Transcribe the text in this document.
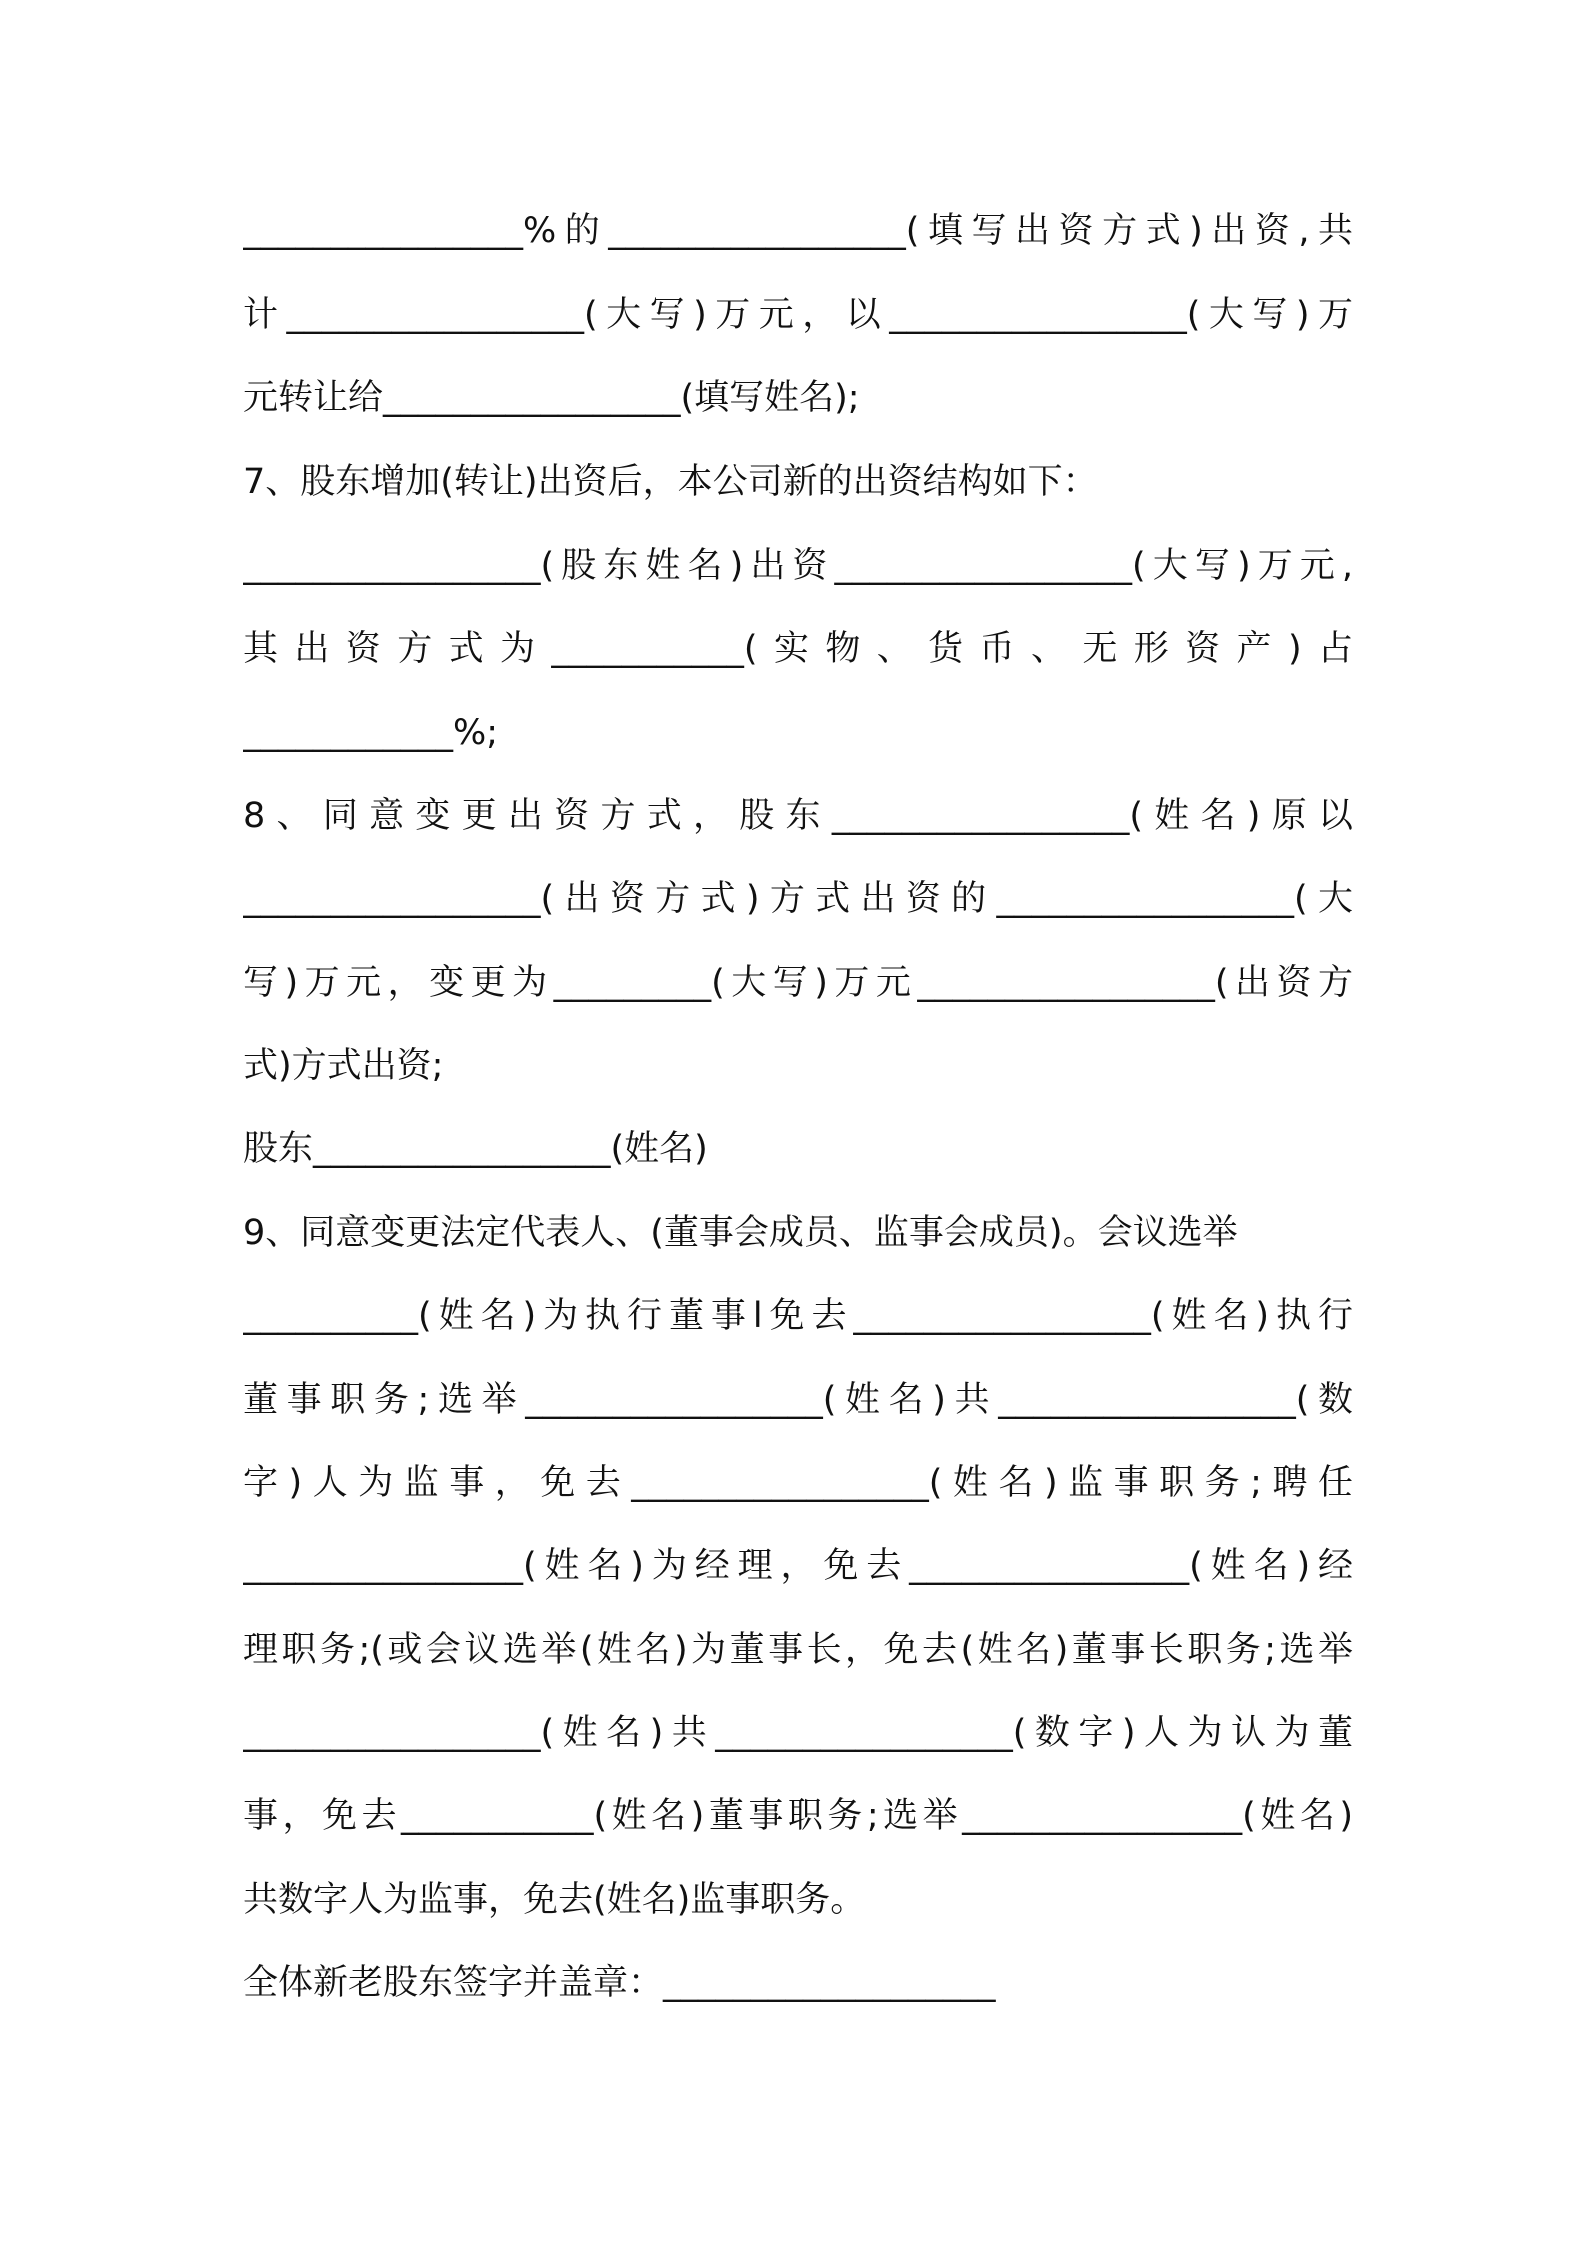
________________%的_________________(填写出资方式)出资,共
计_________________(大写)万元，以_________________(大写)万
元转让给_________________(填写姓名);
7、股东增加(转让)出资后，本公司新的出资结构如下：
_________________(股东姓名)出资_________________(大写)万元,
其出资方式为___________(实物、货币、无形资产)占
____________%;
8、同意变更出资方式，股东_________________(姓名)原以
_________________(出资方式)方式出资的_________________(大
写)万元，变更为_________(大写)万元_________________(出资方
式)方式出资;
股东_________________(姓名)
9、同意变更法定代表人、(董事会成员、监事会成员)。会议选举
__________(姓名)为执行董事l免去_________________(姓名)执行
董事职务;选举_________________(姓名)共_________________(数
字)人为监事，免去_________________(姓名)监事职务;聘任
________________(姓名)为经理，免去________________(姓名)经
理职务;(或会议选举(姓名)为董事长，免去(姓名)董事长职务;选举
_________________(姓名)共_________________(数字)人为认为董
事，免去___________(姓名)董事职务;选举________________(姓名)
共数字人为监事，免去(姓名)监事职务。
全体新老股东签字并盖章：___________________
